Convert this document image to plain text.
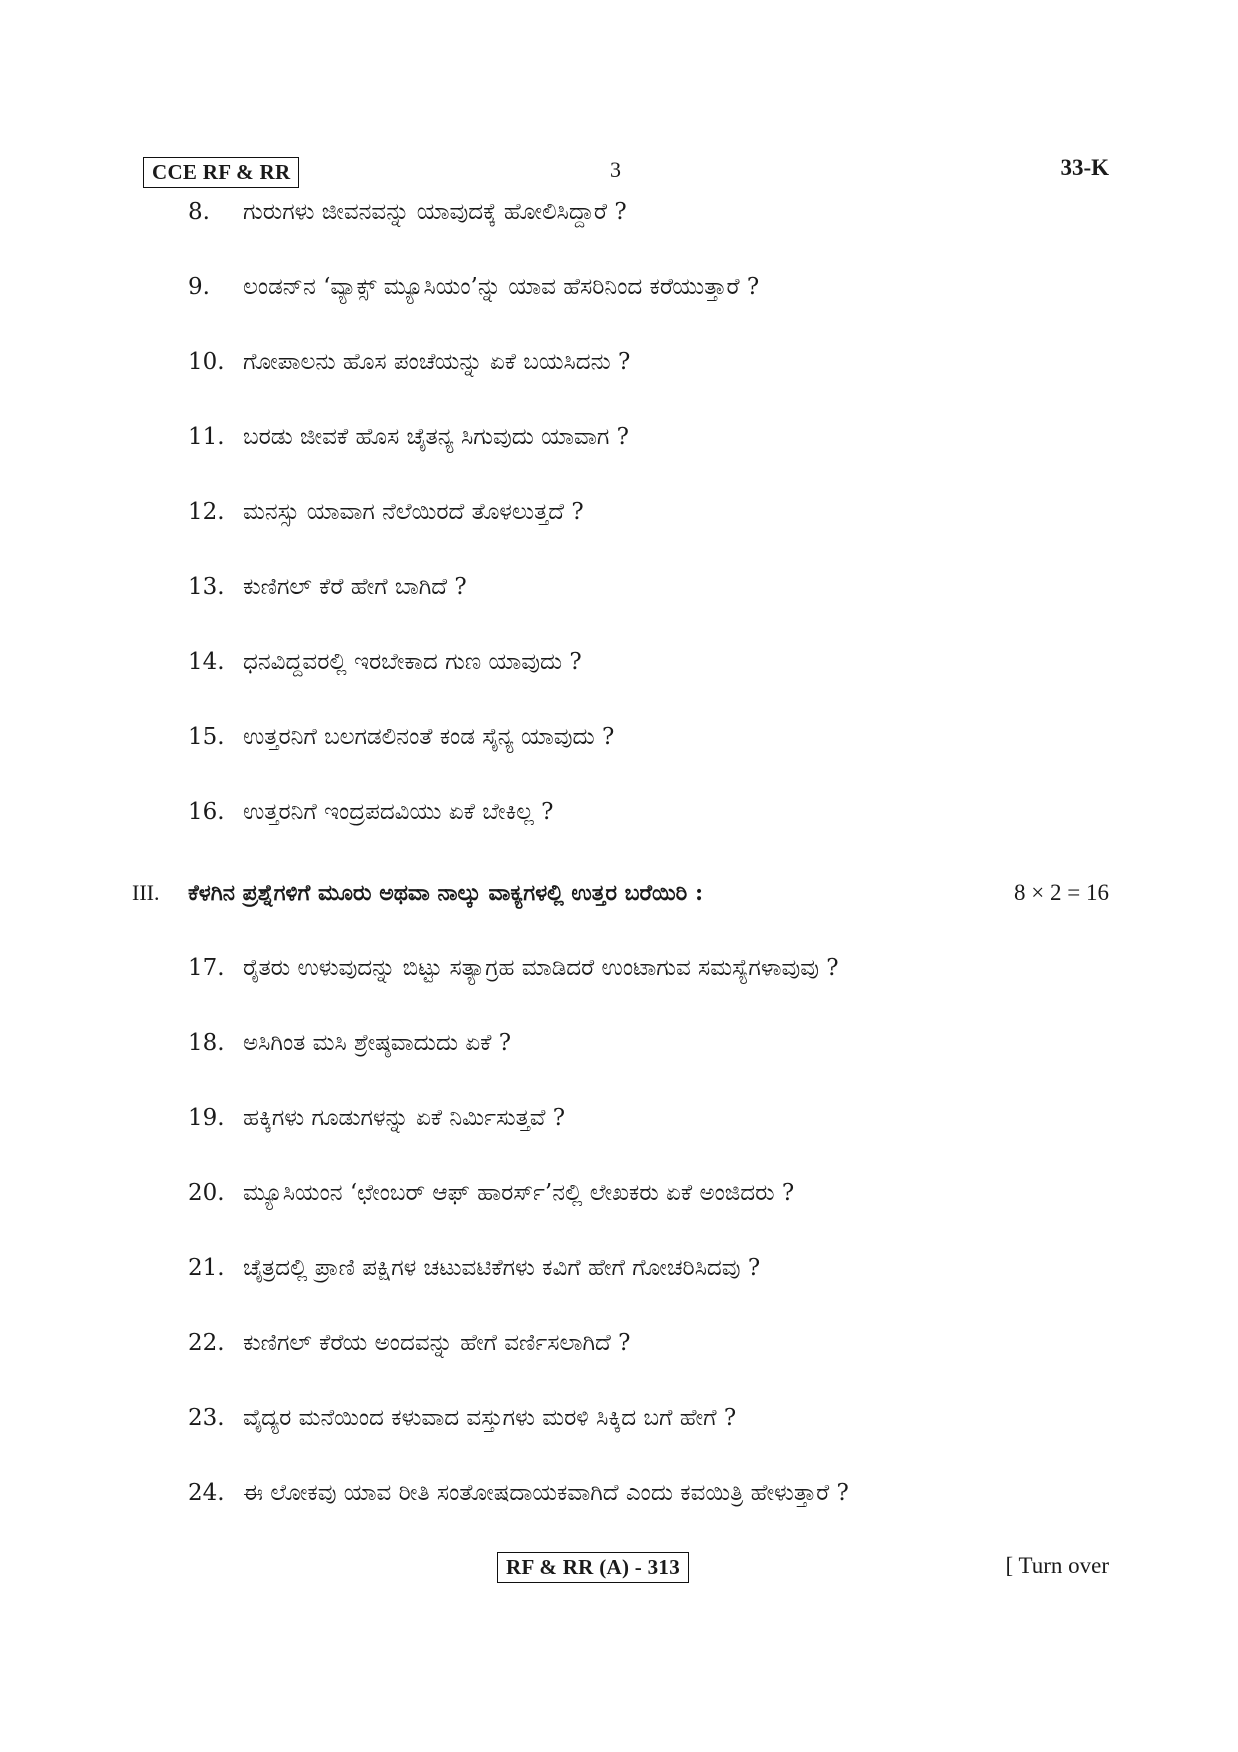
CCE RF & RR	3	33-K
8. ಗುರುಗಳು ಜೀವನವನ್ನು ಯಾವುದಕ್ಕೆ ಹೋಲಿಸಿದ್ದಾರೆ ?
9. ಲಂಡನ್‌ನ ‘ವ್ಯಾಕ್ಸ್ ಮ್ಯೂಸಿಯಂ’ನ್ನು ಯಾವ ಹೆಸರಿನಿಂದ ಕರೆಯುತ್ತಾರೆ ?
10. ಗೋಪಾಲನು ಹೊಸ ಪಂಚೆಯನ್ನು ಏಕೆ ಬಯಸಿದನು ?
11. ಬರಡು ಜೀವಕೆ ಹೊಸ ಚೈತನ್ಯ ಸಿಗುವುದು ಯಾವಾಗ ?
12. ಮನಸ್ಸು ಯಾವಾಗ ನೆಲೆಯಿರದೆ ತೊಳಲುತ್ತದೆ ?
13. ಕುಣಿಗಲ್ ಕೆರೆ ಹೇಗೆ ಬಾಗಿದೆ ?
14. ಧನವಿದ್ದವರಲ್ಲಿ ಇರಬೇಕಾದ ಗುಣ ಯಾವುದು ?
15. ಉತ್ತರನಿಗೆ ಬಲಗಡಲಿನಂತೆ ಕಂಡ ಸೈನ್ಯ ಯಾವುದು ?
16. ಉತ್ತರನಿಗೆ ಇಂದ್ರಪದವಿಯು ಏಕೆ ಬೇಕಿಲ್ಲ ?
III. ಕೆಳಗಿನ ಪ್ರಶ್ನೆಗಳಿಗೆ ಮೂರು ಅಥವಾ ನಾಲ್ಕು ವಾಕ್ಯಗಳಲ್ಲಿ ಉತ್ತರ ಬರೆಯಿರಿ :	8 × 2 = 16
17. ರೈತರು ಉಳುವುದನ್ನು ಬಿಟ್ಟು ಸತ್ಯಾಗ್ರಹ ಮಾಡಿದರೆ ಉಂಟಾಗುವ ಸಮಸ್ಯೆಗಳಾವುವು ?
18. ಅಸಿಗಿಂತ ಮಸಿ ಶ್ರೇಷ್ಠವಾದುದು ಏಕೆ ?
19. ಹಕ್ಕಿಗಳು ಗೂಡುಗಳನ್ನು ಏಕೆ ನಿರ್ಮಿಸುತ್ತವೆ ?
20. ಮ್ಯೂಸಿಯಂನ ‘ಛೇಂಬರ್ ಆಫ್ ಹಾರರ್ಸ್’ನಲ್ಲಿ ಲೇಖಕರು ಏಕೆ ಅಂಜಿದರು ?
21. ಚೈತ್ರದಲ್ಲಿ ಪ್ರಾಣಿ ಪಕ್ಷಿಗಳ ಚಟುವಟಿಕೆಗಳು ಕವಿಗೆ ಹೇಗೆ ಗೋಚರಿಸಿದವು ?
22. ಕುಣಿಗಲ್ ಕೆರೆಯ ಅಂದವನ್ನು ಹೇಗೆ ವರ್ಣಿಸಲಾಗಿದೆ ?
23. ವೈದ್ಯರ ಮನೆಯಿಂದ ಕಳುವಾದ ವಸ್ತುಗಳು ಮರಳಿ ಸಿಕ್ಕಿದ ಬಗೆ ಹೇಗೆ ?
24. ಈ ಲೋಕವು ಯಾವ ರೀತಿ ಸಂತೋಷದಾಯಕವಾಗಿದೆ ಎಂದು ಕವಯಿತ್ರಿ ಹೇಳುತ್ತಾರೆ ?
RF & RR (A) - 313	[ Turn over
